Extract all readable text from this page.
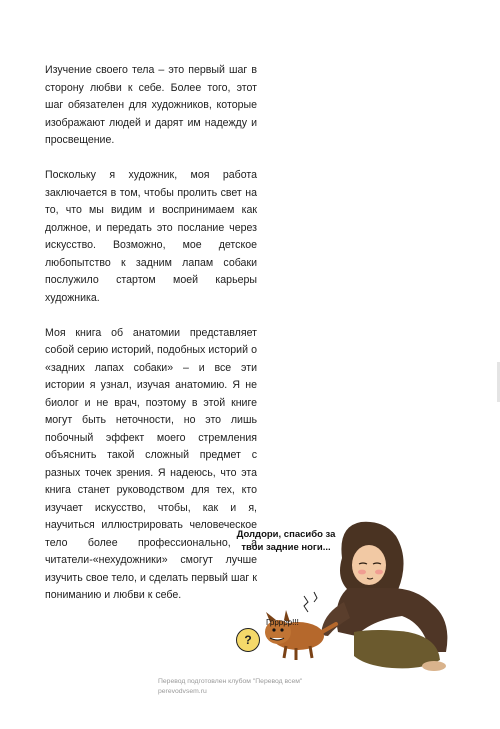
Изучение своего тела – это первый шаг в сторону любви к себе. Более того, этот шаг обязателен для художников, которые изображают людей и дарят им надежду и просвещение.

Поскольку я художник, моя работа заключается в том, чтобы пролить свет на то, что мы видим и воспринимаем как должное, и передать это послание через искусство. Возможно, мое детское любопытство к задним лапам собаки послужило стартом моей карьеры художника.

Моя книга об анатомии представляет собой серию историй, подобных историй о «задних лапах собаки» – и все эти истории я узнал, изучая анатомию. Я не биолог и не врач, поэтому в этой книге могут быть неточности, но это лишь побочный эффект моего стремления объяснить такой сложный предмет с разных точек зрения. Я надеюсь, что эта книга станет руководством для тех, кто изучает искусство, чтобы, как и я, научиться иллюстрировать человеческое тело более профессионально, а читатели-«нехудожники» смогут лучше изучить свое тело, и сделать первый шаг к пониманию и любви к себе.

Долдори, спасибо за твои задние ноги...
Гррррр!!!
?
Перевод подготовлен клубом "Перевод всем"
perevodvsem.ru
